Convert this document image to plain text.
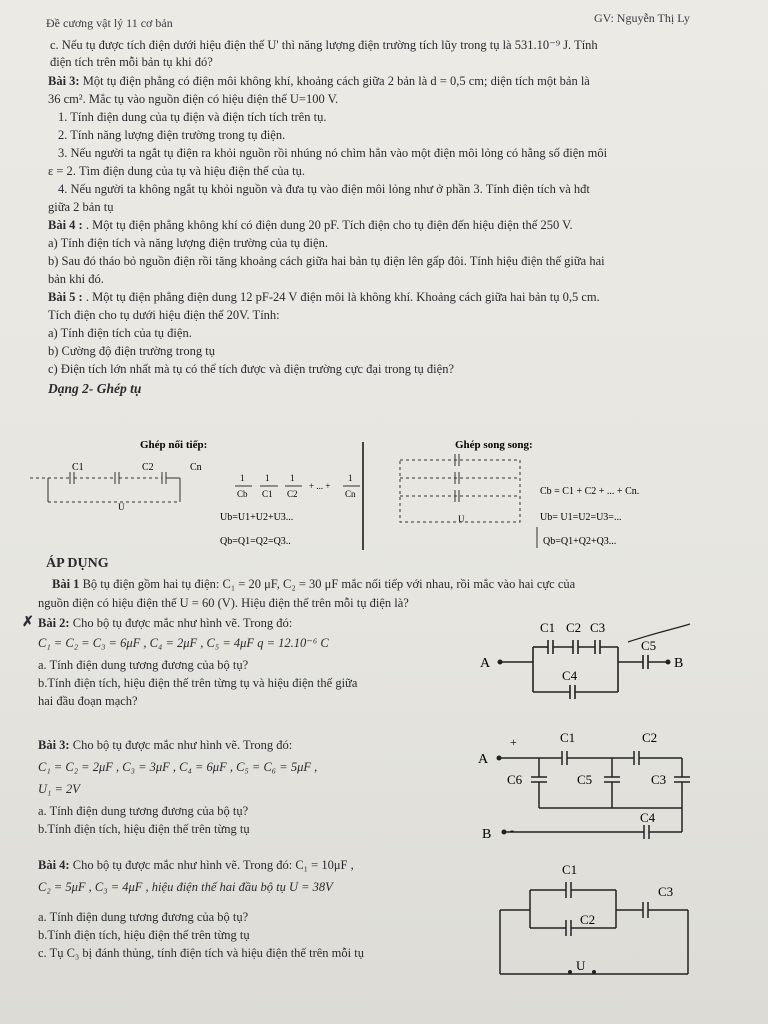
Đề cương vật lý 11 cơ bản	GV: Nguyễn Thị Ly
c. Nếu tụ được tích điện dưới hiệu điện thế U' thì năng lượng điện trường tích lũy trong tụ là 531.10⁻⁹ J. Tính
điện tích trên mỗi bản tụ khi đó?
Bài 3: Một tụ điện phẳng có điện môi không khí, khoảng cách giữa 2 bản là d = 0,5 cm; diện tích một bản là
36 cm². Mắc tụ vào nguồn điện có hiệu điện thế U=100 V.
1. Tính điện dung của tụ điện và điện tích tích trên tụ.
2. Tính năng lượng điện trường trong tụ điện.
3. Nếu người ta ngắt tụ điện ra khỏi nguồn rồi nhúng nó chìm hẳn vào một điện môi lỏng có hằng số điện môi
ε = 2. Tìm điện dung của tụ và hiệu điện thế của tụ.
4. Nếu người ta không ngắt tụ khỏi nguồn và đưa tụ vào điện môi lỏng như ở phần 3. Tính điện tích và hđt
giữa 2 bản tụ
Bài 4 : . Một tụ điện phẳng không khí có điện dung 20 pF. Tích điện cho tụ điện đến hiệu điện thế 250 V.
a) Tính điện tích và năng lượng điện trường của tụ điện.
b) Sau đó tháo bỏ nguồn điện rồi tăng khoảng cách giữa hai bản tụ điện lên gấp đôi. Tính hiệu điện thế giữa hai
bản khi đó.
Bài 5 : . Một tụ điện phẳng điện dung 12 pF-24 V điện môi là không khí. Khoảng cách giữa hai bản tụ 0,5 cm.
Tích điện cho tụ dưới hiệu điện thế 20V. Tính:
a) Tính điện tích của tụ điện.
b) Cường độ điện trường trong tụ
c) Điện tích lớn nhất mà tụ có thể tích được và điện trường cực đại trong tụ điện?
Dạng 2- Ghép tụ
Ghép nối tiếp:	Ghép song song:
C1	C2	Cn
U
U
1
Cb
1
C1
1
C2
+ ... +
1
Cn
Ub=U1+U2+U3...
Qb=Q1=Q2=Q3..
Cb = C1 + C2 + ... + Cn.
Ub= U1=U2=U3=...
Qb=Q1+Q2+Q3...
ÁP DỤNG
Bài 1 Bộ tụ điện gồm hai tụ điện: C₁ = 20 μF, C₂ = 30 μF mắc nối tiếp với nhau, rồi mắc vào hai cực của
nguồn điện có hiệu điện thế U = 60 (V). Hiệu điện thế trên mỗi tụ điện là?
✗ Bài 2: Cho bộ tụ được mắc như hình vẽ. Trong đó:
C₁ = C₂ = C₃ = 6μF , C₄ = 2μF , C₅ = 4μF q = 12.10⁻⁶ C
a. Tính điện dung tương đương của bộ tụ?
b.Tính điện tích, hiệu điện thế trên từng tụ và hiệu điện thế giữa
hai đầu đoạn mạch?
A	B
C1 C2 C3
C4
C5
Bài 3: Cho bộ tụ được mắc như hình vẽ. Trong đó:
C₁ = C₂ = 2μF , C₃ = 3μF , C₄ = 6μF , C₅ = C₆ = 5μF ,
U₁ = 2V
a. Tính điện dung tương đương của bộ tụ?
b.Tính điện tích, hiệu điện thế trên từng tụ
A
B
+
-
C1	C2
C6	C5	C3
C4
Bài 4: Cho bộ tụ được mắc như hình vẽ. Trong đó: C₁ = 10μF ,
C₂ = 5μF , C₃ = 4μF , hiệu điện thế hai đầu bộ tụ U = 38V
a. Tính điện dung tương đương của bộ tụ?
b.Tính điện tích, hiệu điện thế trên từng tụ
c. Tụ C₃ bị đánh thủng, tính điện tích và hiệu điện thế trên mỗi tụ
C1
C2
C3
U
